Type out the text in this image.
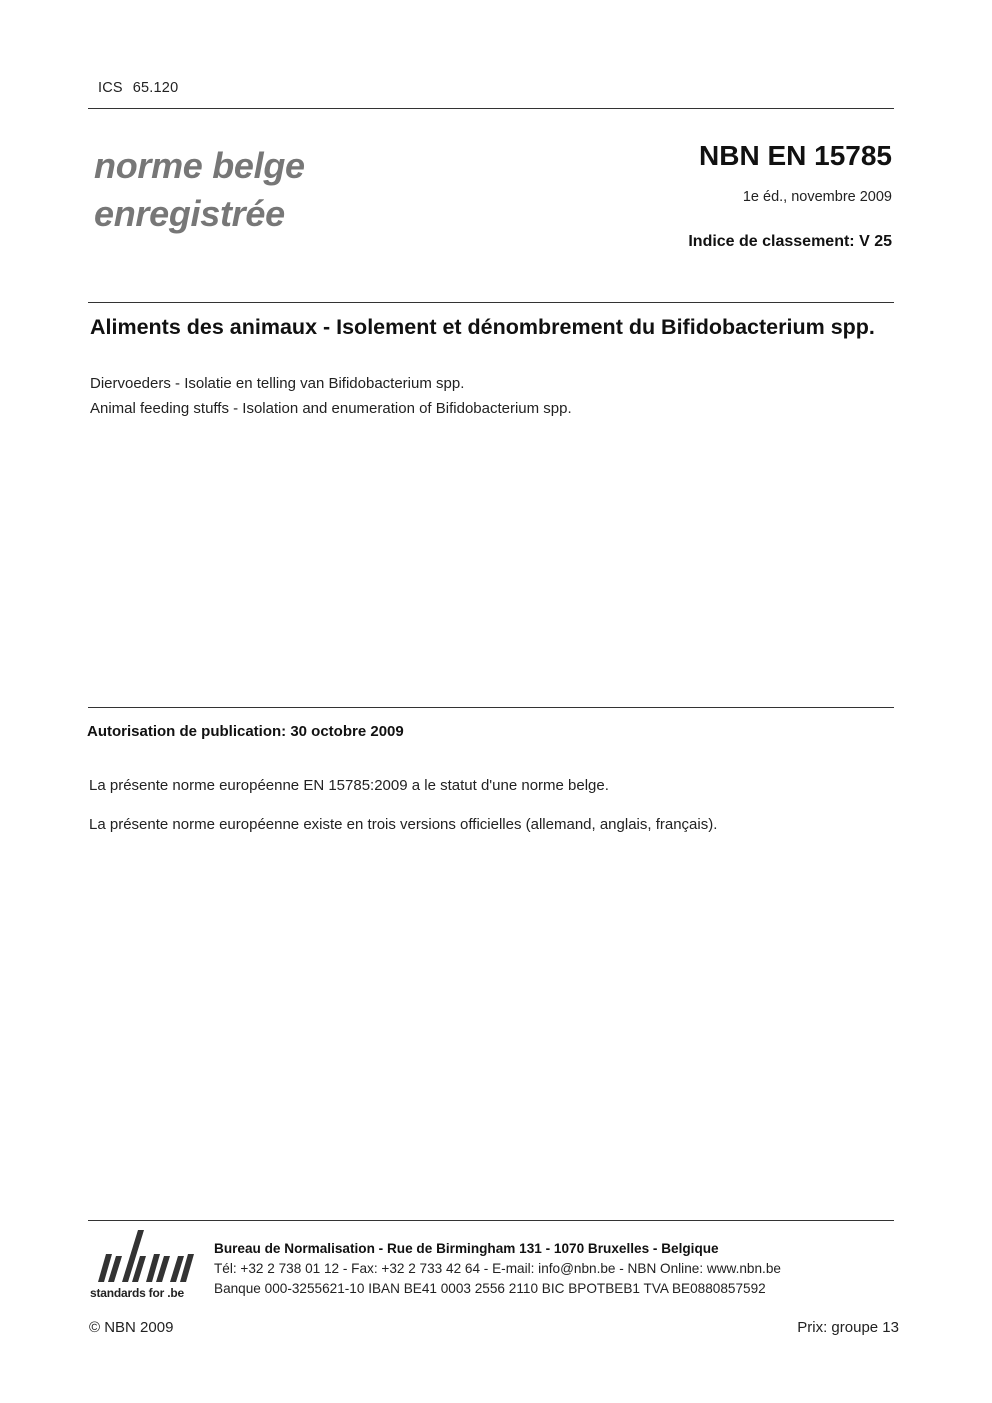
ICS 65.120
norme belge
enregistrée
NBN EN 15785
1e éd., novembre 2009
Indice de classement: V 25
Aliments des animaux - Isolement et dénombrement du Bifidobacterium spp.
Diervoeders - Isolatie en telling van Bifidobacterium spp.
Animal feeding stuffs - Isolation and enumeration of Bifidobacterium spp.
Autorisation de publication: 30 octobre 2009
La présente norme européenne EN 15785:2009 a le statut d'une norme belge.
La présente norme européenne existe en trois versions officielles (allemand, anglais, français).
standards for .be
Bureau de Normalisation - Rue de Birmingham 131 - 1070 Bruxelles - Belgique
Tél: +32 2 738 01 12 - Fax: +32 2 733 42 64 - E-mail: info@nbn.be - NBN Online: www.nbn.be
Banque 000-3255621-10 IBAN BE41 0003 2556 2110 BIC BPOTBEB1 TVA BE0880857592
© NBN 2009	Prix: groupe 13
